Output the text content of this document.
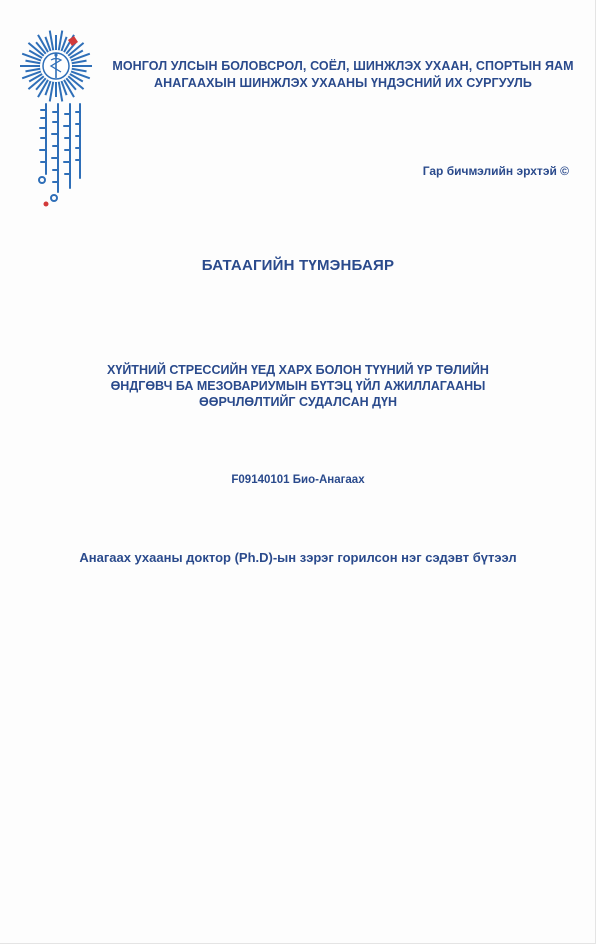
МОНГОЛ УЛСЫН БОЛОВСРОЛ, СОЁЛ, ШИНЖЛЭХ УХААН, СПОРТЫН ЯАМ
АНАГААХЫН ШИНЖЛЭХ УХААНЫ ҮНДЭСНИЙ ИХ СУРГУУЛЬ
Гар бичмэлийн эрхтэй ©
БАТААГИЙН ТҮМЭНБАЯР
ХҮЙТНИЙ СТРЕССИЙН ҮЕД ХАРХ БОЛОН ТҮҮНИЙ ҮР ТӨЛИЙН
ӨНДГӨВЧ БА МЕЗОВАРИУМЫН БҮТЭЦ ҮЙЛ АЖИЛЛАГААНЫ
ӨӨРЧЛӨЛТИЙГ СУДАЛСАН ДҮН
F09140101 Био-Анагаах
Анагаах ухааны доктор (Ph.D)-ын зэрэг горилсон нэг сэдэвт бүтээл
